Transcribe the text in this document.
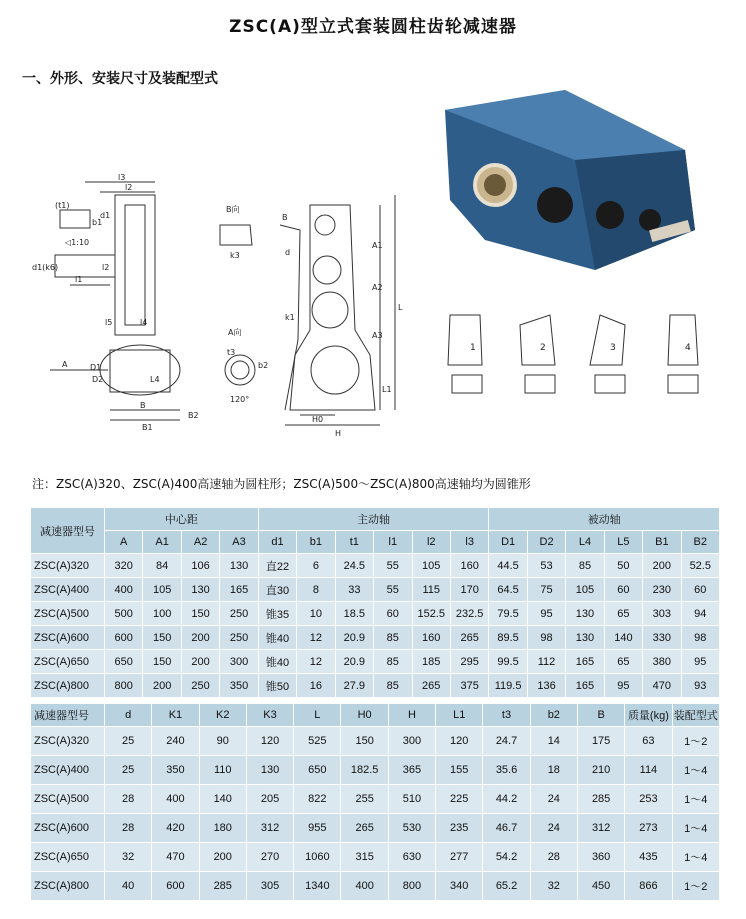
ZSC(A)型立式套装圆柱齿轮减速器
一、外形、安装尺寸及装配型式
l3
l2
(t1)
b1
d1
◁1:10
d1(k6)	l2
l1
l5	l4
A	D1
D2	L4
B
B1
B2
B向
k3
A向
t3
b2
120°
B
d
A1
A2
A3
k1
L
L1
H0
H
1	2	3	4
注：ZSC(A)320、ZSC(A)400高速轴为圆柱形；ZSC(A)500～ZSC(A)800高速轴均为圆锥形
减速器型号	中心距				主动轴						被动轴					
	A	A1	A2	A3	d1	b1	t1	l1	l2	l3	D1	D2	L4	L5	B1	B2
ZSC(A)320	320	84	106	130	直22	6	24.5	55	105	160	44.5	53	85	50	200	52.5
ZSC(A)400	400	105	130	165	直30	8	33	55	115	170	64.5	75	105	60	230	60
ZSC(A)500	500	100	150	250	锥35	10	18.5	60	152.5	232.5	79.5	95	130	65	303	94
ZSC(A)600	600	150	200	250	锥40	12	20.9	85	160	265	89.5	98	130	140	330	98
ZSC(A)650	650	150	200	300	锥40	12	20.9	85	185	295	99.5	112	165	65	380	95
ZSC(A)800	800	200	250	350	锥50	16	27.9	85	265	375	119.5	136	165	95	470	93
减速器型号	d	K1	K2	K3	L	H0	H	L1	t3	b2	B	质量(kg)	装配型式
ZSC(A)320	25	240	90	120	525	150	300	120	24.7	14	175	63	1～2
ZSC(A)400	25	350	110	130	650	182.5	365	155	35.6	18	210	114	1～4
ZSC(A)500	28	400	140	205	822	255	510	225	44.2	24	285	253	1～4
ZSC(A)600	28	420	180	312	955	265	530	235	46.7	24	312	273	1～4
ZSC(A)650	32	470	200	270	1060	315	630	277	54.2	28	360	435	1～4
ZSC(A)800	40	600	285	305	1340	400	800	340	65.2	32	450	866	1～2
